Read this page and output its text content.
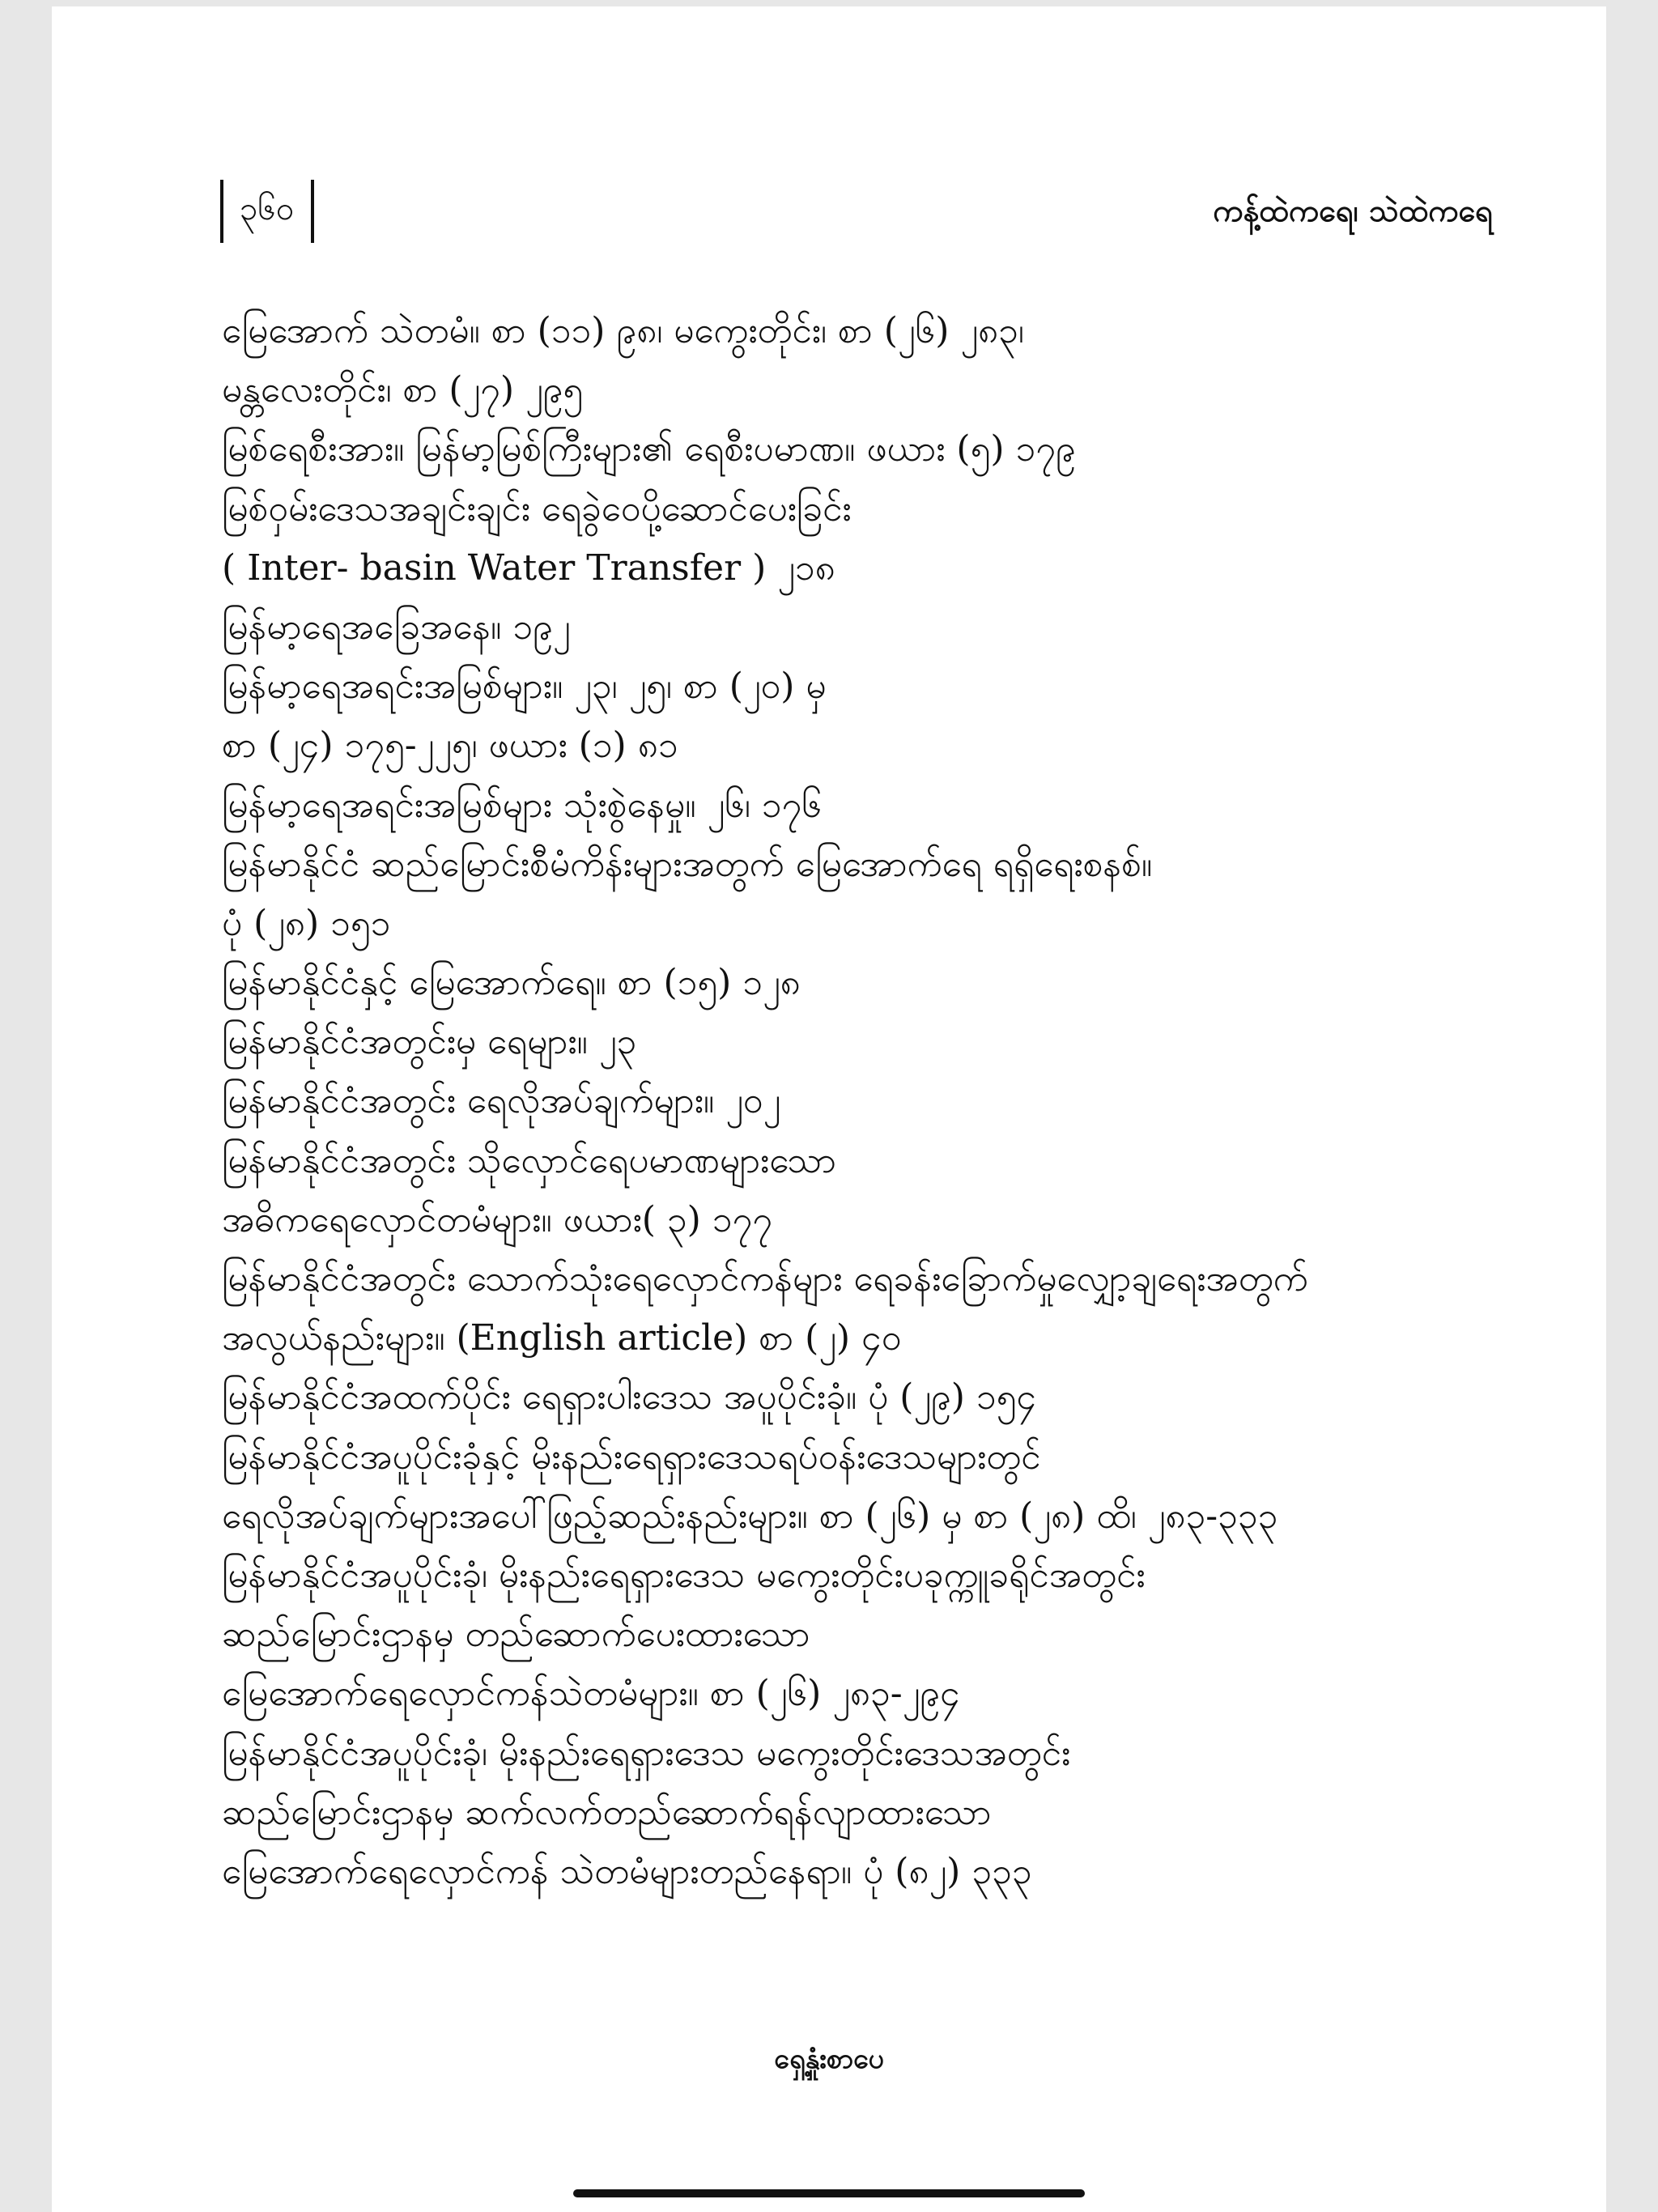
၃၆၀	ကန့်ထဲကရေ၊ သဲထဲကရေ
မြေအောက် သဲတမံ။ စာ (၁၁) ၉၈၊ မကွေးတိုင်း၊ စာ (၂၆) ၂၈၃၊
မန္တလေးတိုင်း၊ စာ (၂၇) ၂၉၅
မြစ်ရေစီးအား။ မြန်မာ့မြစ်ကြီးများ၏ ရေစီးပမာဏ။ ဖယား (၅) ၁၇၉
မြစ်ဝှမ်းဒေသအချင်းချင်း ရေခွဲဝေပို့ဆောင်ပေးခြင်း
( Inter- basin Water Transfer ) ၂၁၈
မြန်မာ့ရေအခြေအနေ။ ၁၉၂
မြန်မာ့ရေအရင်းအမြစ်များ။ ၂၃၊ ၂၅၊ စာ (၂၀) မှ
စာ (၂၄) ၁၇၅-၂၂၅၊ ဖယား (၁) ၈၁
မြန်မာ့ရေအရင်းအမြစ်များ သုံးစွဲနေမှု။ ၂၆၊ ၁၇၆
မြန်မာနိုင်ငံ ဆည်မြောင်းစီမံကိန်းများအတွက် မြေအောက်ရေ ရရှိရေးစနစ်။
ပုံ (၂၈) ၁၅၁
မြန်မာနိုင်ငံနှင့် မြေအောက်ရေ။ စာ (၁၅) ၁၂၈
မြန်မာနိုင်ငံအတွင်းမှ ရေများ။ ၂၃
မြန်မာနိုင်ငံအတွင်း ရေလိုအပ်ချက်များ။ ၂၀၂
မြန်မာနိုင်ငံအတွင်း သိုလှောင်ရေပမာဏများသော
အဓိကရေလှောင်တမံများ။ ဖယား( ၃) ၁၇၇
မြန်မာနိုင်ငံအတွင်း သောက်သုံးရေလှောင်ကန်များ ရေခန်းခြောက်မှုလျှော့ချရေးအတွက်
အလွယ်နည်းများ။ (English article) စာ (၂) ၄၀
မြန်မာနိုင်ငံအထက်ပိုင်း ရေရှားပါးဒေသ အပူပိုင်းခုံ။ ပုံ (၂၉) ၁၅၄
မြန်မာနိုင်ငံအပူပိုင်းခုံနှင့် မိုးနည်းရေရှားဒေသရပ်ဝန်းဒေသများတွင်
ရေလိုအပ်ချက်များအပေါ်ဖြည့်ဆည်းနည်းများ။ စာ (၂၆) မှ စာ (၂၈) ထိ၊ ၂၈၃-၃၃၃
မြန်မာနိုင်ငံအပူပိုင်းခုံ၊ မိုးနည်းရေရှားဒေသ မကွေးတိုင်းပခုက္ကူခရိုင်အတွင်း
ဆည်မြောင်းဌာနမှ တည်ဆောက်ပေးထားသော
မြေအောက်ရေလှောင်ကန်သဲတမံများ။ စာ (၂၆) ၂၈၃-၂၉၄
မြန်မာနိုင်ငံအပူပိုင်းခုံ၊ မိုးနည်းရေရှားဒေသ မကွေးတိုင်းဒေသအတွင်း
ဆည်မြောင်းဌာနမှ ဆက်လက်တည်ဆောက်ရန်လျာထားသော
မြေအောက်ရေလှောင်ကန် သဲတမံများတည်နေရာ။ ပုံ (၈၂) ၃၃၃
ရှေ့နှုံးစာပေ
